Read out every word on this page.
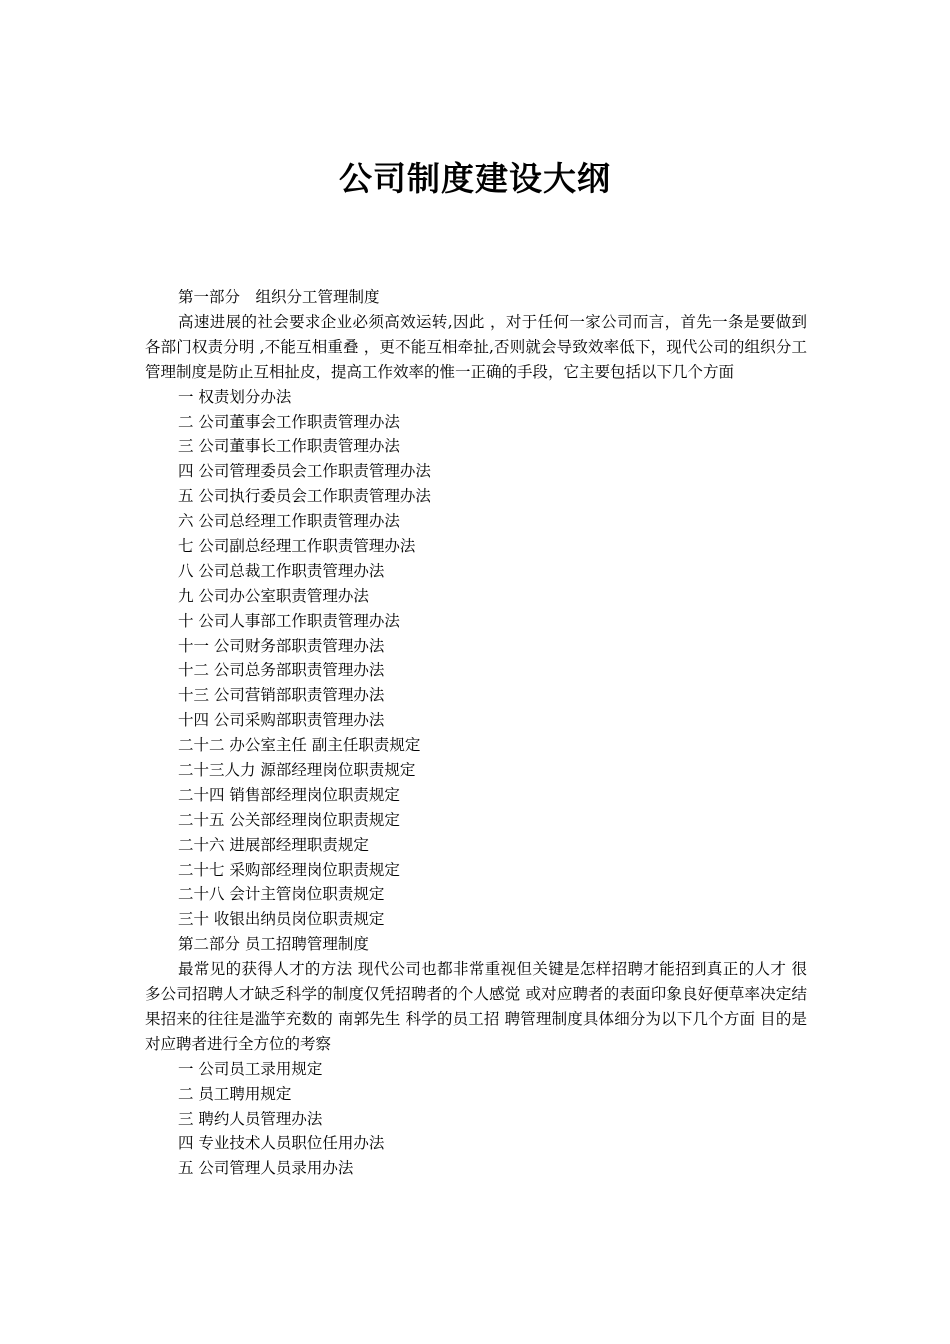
公司制度建设大纲
第一部分　组织分工管理制度
高速进展的社会要求企业必须高效运转,因此 ，对于任何一家公司而言，首先一条是要做到各部门权责分明 ,不能互相重叠 ，更不能互相牵扯,否则就会导致效率低下，现代公司的组织分工管理制度是防止互相扯皮，提高工作效率的惟一正确的手段，它主要包括以下几个方面
一 权责划分办法
二 公司董事会工作职责管理办法
三 公司董事长工作职责管理办法
四 公司管理委员会工作职责管理办法
五 公司执行委员会工作职责管理办法
六 公司总经理工作职责管理办法
七 公司副总经理工作职责管理办法
八 公司总裁工作职责管理办法
九 公司办公室职责管理办法
十 公司人事部工作职责管理办法
十一 公司财务部职责管理办法
十二 公司总务部职责管理办法
十三 公司营销部职责管理办法
十四 公司采购部职责管理办法
二十二 办公室主任 副主任职责规定
二十三人力 源部经理岗位职责规定
二十四 销售部经理岗位职责规定
二十五 公关部经理岗位职责规定
二十六 进展部经理职责规定
二十七 采购部经理岗位职责规定
二十八 会计主管岗位职责规定
三十 收银出纳员岗位职责规定
第二部分 员工招聘管理制度
最常见的获得人才的方法 现代公司也都非常重视但关键是怎样招聘才能招到真正的人才 很多公司招聘人才缺乏科学的制度仅凭招聘者的个人感觉 或对应聘者的表面印象良好便草率决定结果招来的往往是滥竽充数的 南郭先生 科学的员工招 聘管理制度具体细分为以下几个方面 目的是对应聘者进行全方位的考察
一 公司员工录用规定
二 员工聘用规定
三 聘约人员管理办法
四 专业技术人员职位任用办法
五 公司管理人员录用办法
